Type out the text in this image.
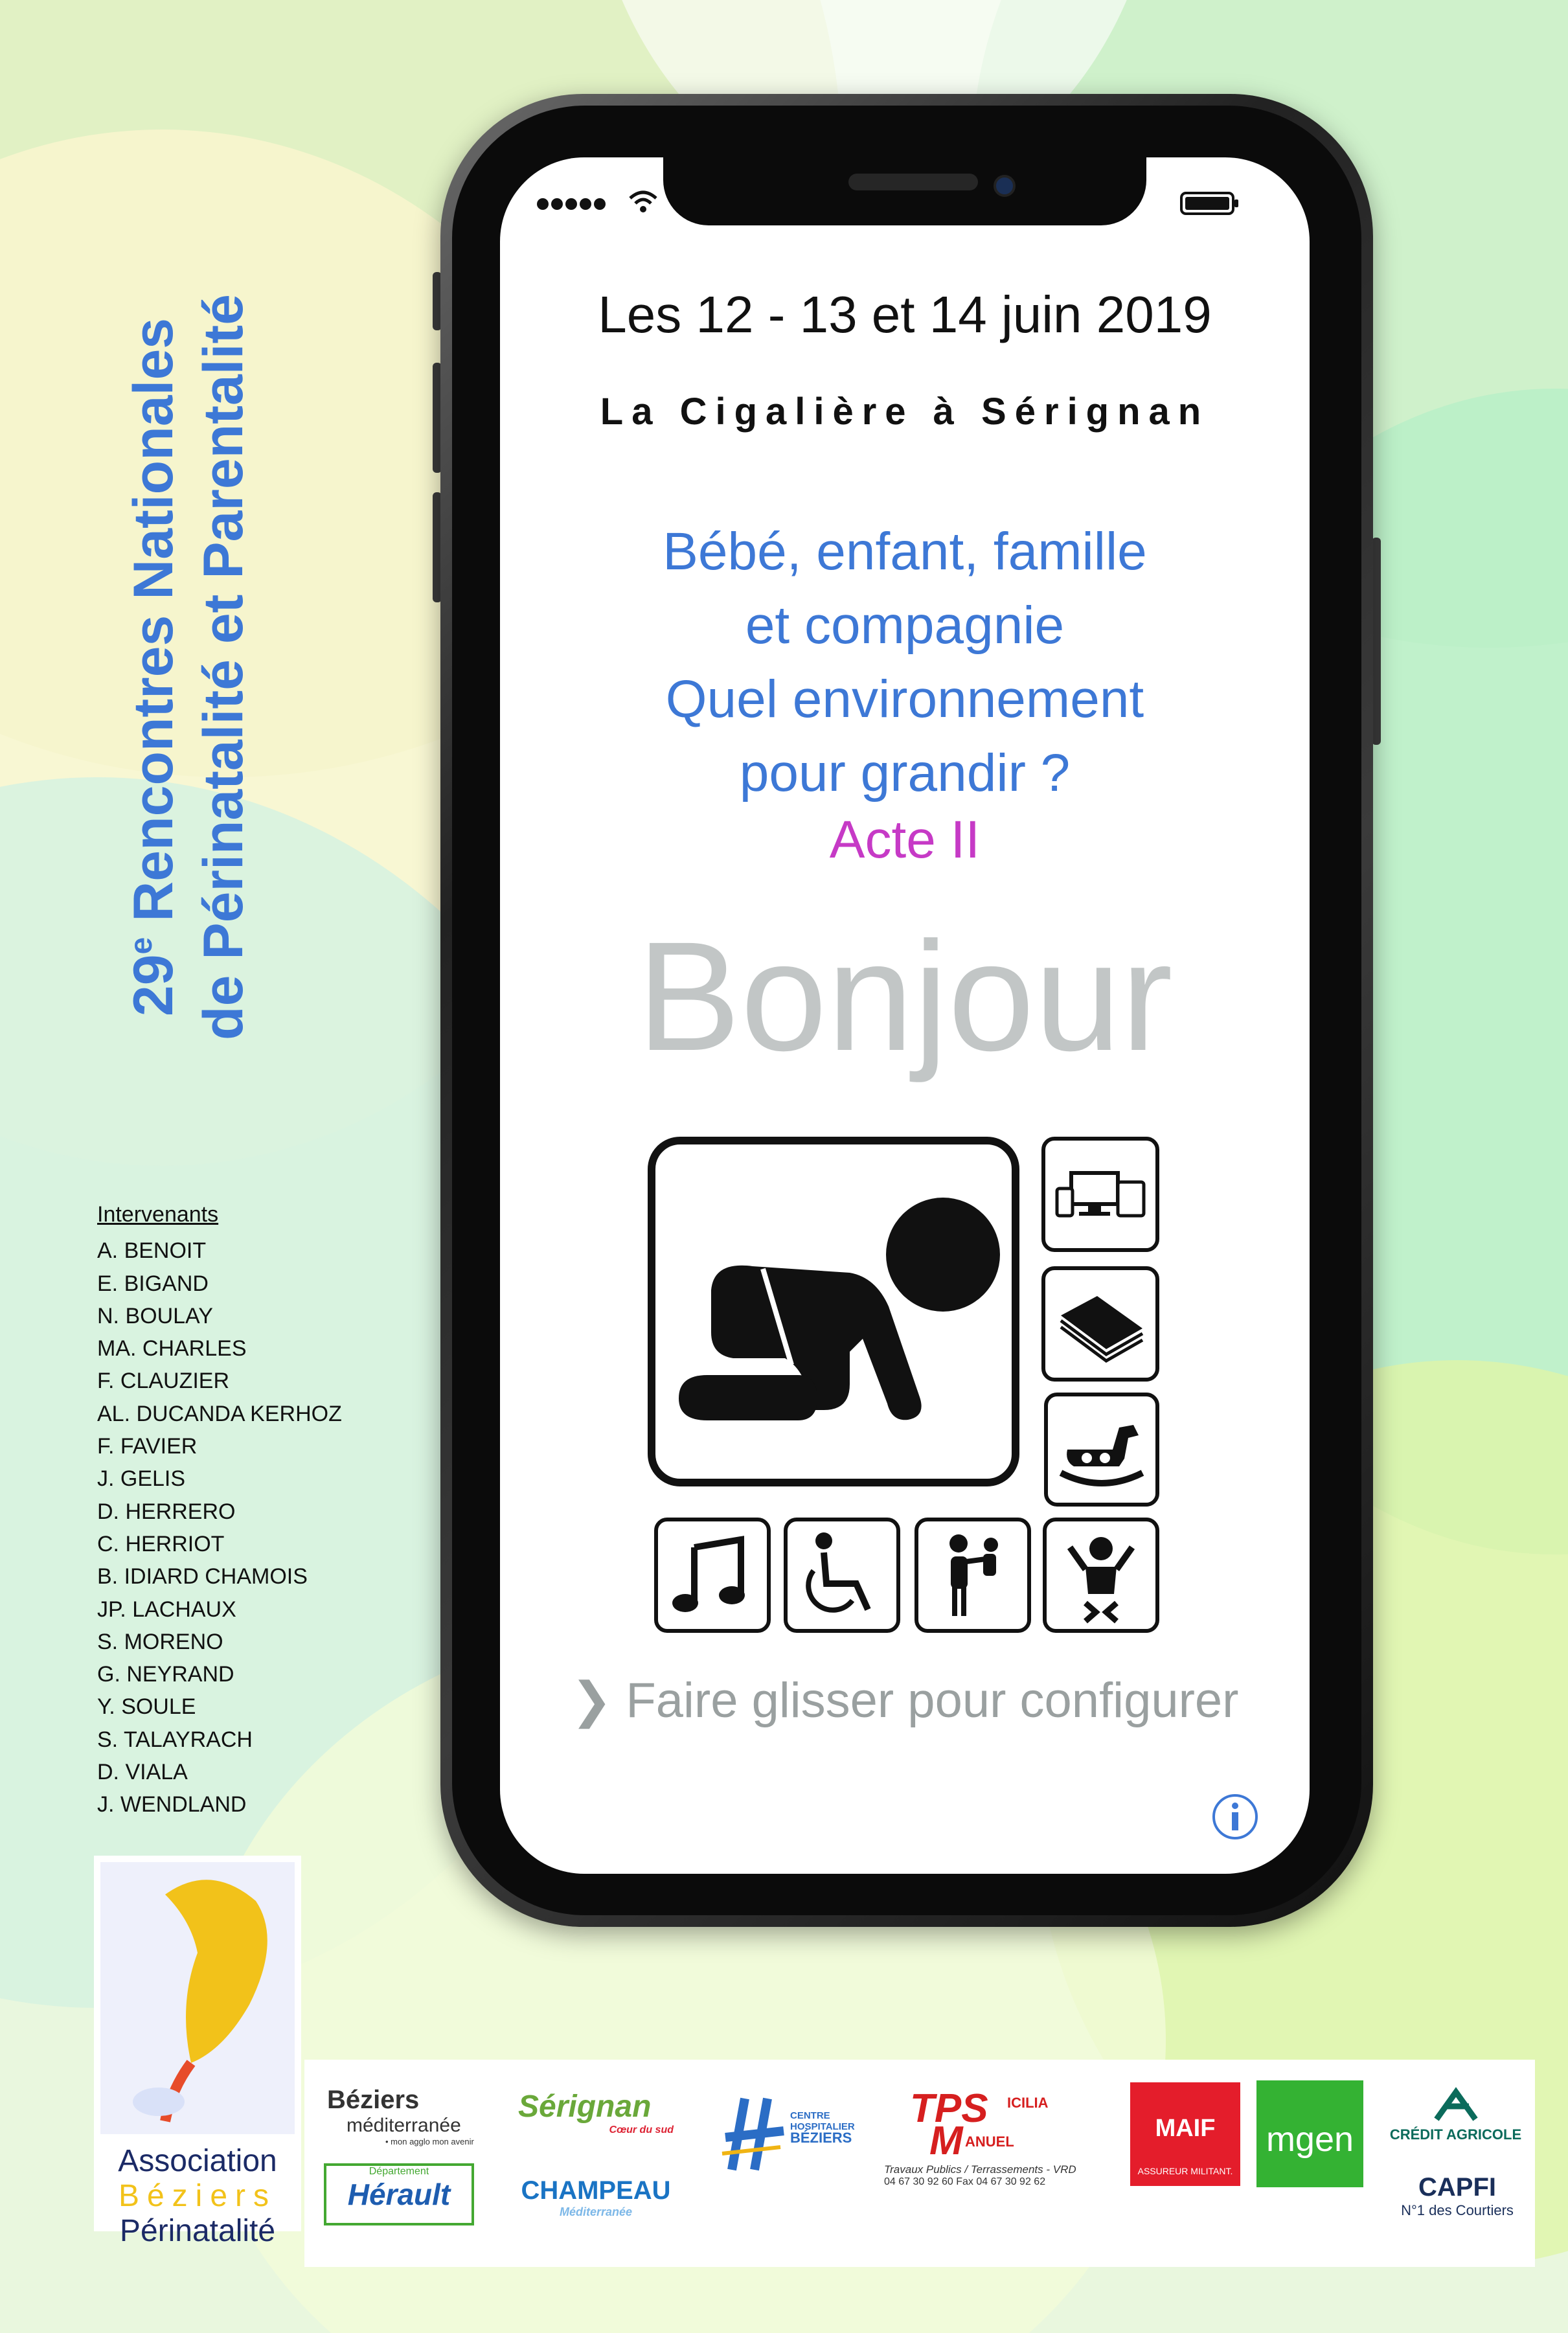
29e Rencontres Nationales de Périnatalité et Parentalité
Intervenants
A. BENOIT
E. BIGAND
N. BOULAY
MA. CHARLES
F. CLAUZIER
AL. DUCANDA KERHOZ
F. FAVIER
J. GELIS
D. HERRERO
C. HERRIOT
B. IDIARD CHAMOIS
JP. LACHAUX
S. MORENO
G. NEYRAND
Y. SOULE
S. TALAYRACH
D. VIALA
J. WENDLAND
Les 12 - 13 et 14 juin 2019
La Cigalière à Sérignan
Bébé, enfant, famille
et compagnie
Quel environnement
pour grandir ?
Acte II
Bonjour
❯ Faire glisser pour configurer
Association
Béziers
Périnatalité
Béziers
méditerranée
• mon agglo mon avenir
Département
Hérault
Sérignan
Cœur du sud
CHAMPEAU
Méditerranée
CENTRE
HOSPITALIER
BÉZIERS
TPS ICILIA
M ANUEL
Travaux Publics / Terrassements - VRD
04 67 30 92 60 Fax 04 67 30 92 62
MAIF
ASSUREUR MILITANT.
mgen	CRÉDIT AGRICOLE
CAPFI
N°1 des Courtiers
